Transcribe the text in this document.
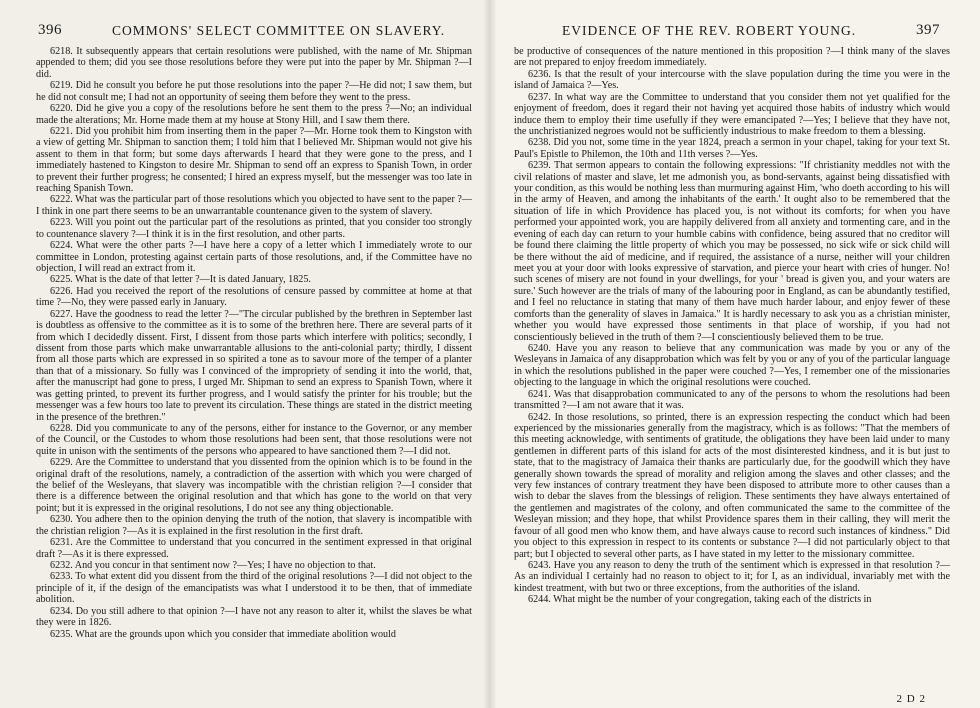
396	COMMONS' SELECT COMMITTEE ON SLAVERY.

6218. It subsequently appears that certain resolutions were published, with the name of Mr. Shipman appended to them; did you see those resolutions before they were put into the paper by Mr. Shipman ?—I did.

6219. Did he consult you before he put those resolutions into the paper ?—He did not; I saw them, but he did not consult me; I had not an opportunity of seeing them before they went to the press.

6220. Did he give you a copy of the resolutions before he sent them to the press ?—No; an individual made the alterations; Mr. Horne made them at my house at Stony Hill, and I saw them there.

6221. Did you prohibit him from inserting them in the paper ?—Mr. Horne took them to Kingston with a view of getting Mr. Shipman to sanction them; I told him that I believed Mr. Shipman would not give his assent to them in that form; but some days afterwards I heard that they were gone to the press, and I immediately hastened to Kingston to desire Mr. Shipman to send off an express to Spanish Town, in order to prevent their further progress; he consented; I hired an express myself, but the messenger was too late in reaching Spanish Town.

6222. What was the particular part of those resolutions which you objected to have sent to the paper ?—I think in one part there seems to be an unwarrantable countenance given to the system of slavery.

6223. Will you point out the particular part of the resolutions as printed, that you consider too strongly to countenance slavery ?—I think it is in the first resolution, and other parts.

6224. What were the other parts ?—I have here a copy of a letter which I immediately wrote to our committee in London, protesting against certain parts of those resolutions, and, if the Committee have no objection, I will read an extract from it.

6225. What is the date of that letter ?—It is dated January, 1825.

6226. Had you received the report of the resolutions of censure passed by committee at home at that time ?—No, they were passed early in January.

6227. Have the goodness to read the letter ?—"The circular published by the brethren in September last is doubtless as offensive to the committee as it is to some of the brethren here. There are several parts of it from which I decidedly dissent. First, I dissent from those parts which interfere with politics; secondly, I dissent from those parts which make unwarrantable allusions to the anti-colonial party; thirdly, I dissent from all those parts which are expressed in so spirited a tone as to savour more of the temper of a planter than that of a missionary. So fully was I convinced of the impropriety of sending it into the world, that, after the manuscript had gone to press, I urged Mr. Shipman to send an express to Spanish Town, where it was getting printed, to prevent its further progress, and I would satisfy the printer for his trouble; but the messenger was a few hours too late to prevent its circulation. These things are stated in the district meeting in the presence of the brethren."

6228. Did you communicate to any of the persons, either for instance to the Governor, or any member of the Council, or the Custodes to whom those resolutions had been sent, that those resolutions were not quite in unison with the sentiments of the persons who appeared to have sanctioned them ?—I did not.

6229. Are the Committee to understand that you dissented from the opinion which is to be found in the original draft of the resolutions, namely, a contradiction of the assertion with which you were charged of the belief of the Wesleyans, that slavery was incompatible with the christian religion ?—I consider that there is a difference between the original resolution and that which has gone to the world on that very point; but it is expressed in the original resolutions, I do not see any thing objectionable.

6230. You adhere then to the opinion denying the truth of the notion, that slavery is incompatible with the christian religion ?—As it is explained in the first resolution in the first draft.

6231. Are the Committee to understand that you concurred in the sentiment expressed in that original draft ?—As it is there expressed.

6232. And you concur in that sentiment now ?—Yes; I have no objection to that.

6233. To what extent did you dissent from the third of the original resolutions ?—I did not object to the principle of it, if the design of the emancipatists was what I understood it to be then, that of immediate abolition.

6234. Do you still adhere to that opinion ?—I have not any reason to alter it, whilst the slaves be what they were in 1826.

6235. What are the grounds upon which you consider that immediate abolition would

EVIDENCE OF THE REV. ROBERT YOUNG.	397

be productive of consequences of the nature mentioned in this proposition ?—I think many of the slaves are not prepared to enjoy freedom immediately.

6236. Is that the result of your intercourse with the slave population during the time you were in the island of Jamaica ?—Yes.

6237. In what way are the Committee to understand that you consider them not yet qualified for the enjoyment of freedom, does it regard their not having yet acquired those habits of industry which would induce them to employ their time usefully if they were emancipated ?—Yes; I believe that they have not, the unchristianized negroes would not be sufficiently industrious to make freedom to them a blessing.

6238. Did you not, some time in the year 1824, preach a sermon in your chapel, taking for your text St. Paul's Epistle to Philemon, the 10th and 11th verses ?—Yes.

6239. That sermon appears to contain the following expressions: "If christianity meddles not with the civil relations of master and slave, let me admonish you, as bond-servants, against being dissatisfied with your condition, as this would be nothing less than murmuring against Him, 'who doeth according to his will in the army of Heaven, and among the inhabitants of the earth.' It ought also to be remembered that the situation of life in which Providence has placed you, is not without its comforts; for when you have performed your appointed work, you are happily delivered from all anxiety and tormenting care, and in the evening of each day can return to your humble cabins with confidence, being assured that no creditor will be found there claiming the little property of which you may be possessed, no sick wife or sick child will be there without the aid of medicine, and if required, the assistance of a nurse, neither will your children meet you at your door with looks expressive of starvation, and pierce your heart with cries of hunger. No! such scenes of misery are not found in your dwellings, for your ' bread is given you, and your waters are sure.' Such however are the trials of many of the labouring poor in England, as can be abundantly testified, and I feel no reluctance in stating that many of them have much harder labour, and enjoy fewer of these comforts than the generality of slaves in Jamaica." It is hardly necessary to ask you as a christian minister, whether you would have expressed those sentiments in that place of worship, if you had not conscientiously believed in the truth of them ?—I conscientiously believed them to be true.

6240. Have you any reason to believe that any communication was made by you or any of the Wesleyans in Jamaica of any disapprobation which was felt by you or any of you of the particular language in which the resolutions published in the paper were couched ?—Yes, I remember one of the missionaries objecting to the language in which the original resolutions were couched.

6241. Was that disapprobation communicated to any of the persons to whom the resolutions had been transmitted ?—I am not aware that it was.

6242. In those resolutions, so printed, there is an expression respecting the conduct which had been experienced by the missionaries generally from the magistracy, which is as follows: "That the members of this meeting acknowledge, with sentiments of gratitude, the obligations they have been laid under to many gentlemen in different parts of this island for acts of the most disinterested kindness, and it is but just to state, that to the magistracy of Jamaica their thanks are particularly due, for the goodwill which they have generally shown towards the spread of morality and religion among the slaves and other classes; and the very few instances of contrary treatment they have been disposed to attribute more to other causes than a wish to debar the slaves from the blessings of religion. These sentiments they have always entertained of the gentlemen and magistrates of the colony, and often communicated the same to the committee of the Wesleyan mission; and they hope, that whilst Providence spares them in their calling, they will merit the favour of all good men who know them, and have always cause to record such instances of kindness." Did you object to this expression in respect to its contents or substance ?—I did not particularly object to that part; but I objected to several other parts, as I have stated in my letter to the missionary committee.

6243. Have you any reason to deny the truth of the sentiment which is expressed in that resolution ?—As an individual I certainly had no reason to object to it; for I, as an individual, invariably met with the kindest treatment, with but two or three exceptions, from the authorities of the island.

6244. What might be the number of your congregation, taking each of the districts in

2 D 2
